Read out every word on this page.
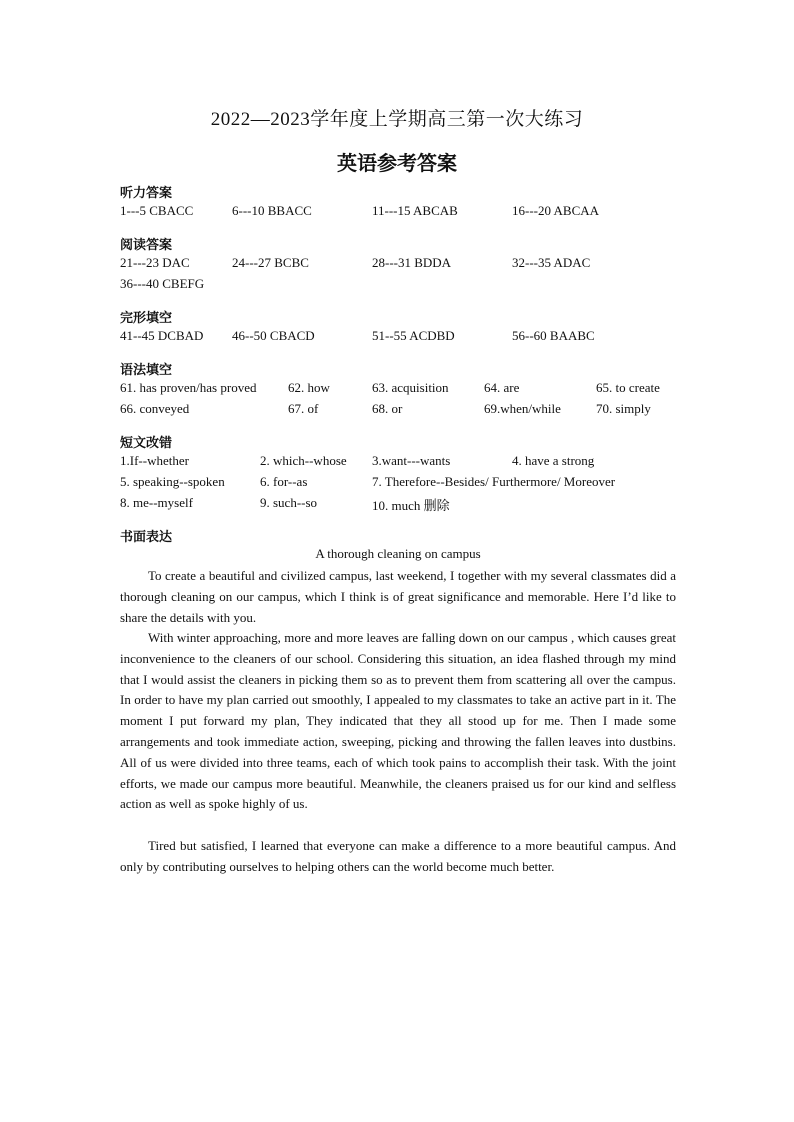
2022—2023学年度上学期高三第一次大练习
英语参考答案
听力答案
1---5 CBACC	6---10 BBACC	11---15 ABCAB	16---20 ABCAA
阅读答案
21---23 DAC	24---27 BCBC	28---31 BDDA	32---35 ADAC
36---40 CBEFG
完形填空
41--45 DCBAD 46--50 CBACD	51--55 ACDBD	56--60 BAABC
语法填空
61. has proven/has proved 62. how	63. acquisition	64. are	65. to create
66. conveyed	67. of	68. or	69.when/while	70. simply
短文改错
1.If--whether	2. which--whose 3.want---wants	4. have a strong
5. speaking--spoken	6. for--as	7. Therefore--Besides/ Furthermore/ Moreover
8. me--myself	9. such--so	10. much 删除
书面表达
A thorough cleaning on campus

To create a beautiful and civilized campus, last weekend, I together with my several classmates did a thorough cleaning on our campus, which I think is of great significance and memorable. Here I’d like to share the details with you.

With winter approaching, more and more leaves are falling down on our campus , which causes great inconvenience to the cleaners of our school. Considering this situation, an idea flashed through my mind that I would assist the cleaners in picking them so as to prevent them from scattering all over the campus. In order to have my plan carried out smoothly, I appealed to my classmates to take an active part in it. The moment I put forward my plan, They indicated that they all stood up for me. Then I made some arrangements and took immediate action, sweeping, picking and throwing the fallen leaves into dustbins. All of us were divided into three teams, each of which took pains to accomplish their task. With the joint efforts, we made our campus more beautiful. Meanwhile, the cleaners praised us for our kind and selfless action as well as spoke highly of us.

Tired but satisfied, I learned that everyone can make a difference to a more beautiful campus. And only by contributing ourselves to helping others can the world become much better.
